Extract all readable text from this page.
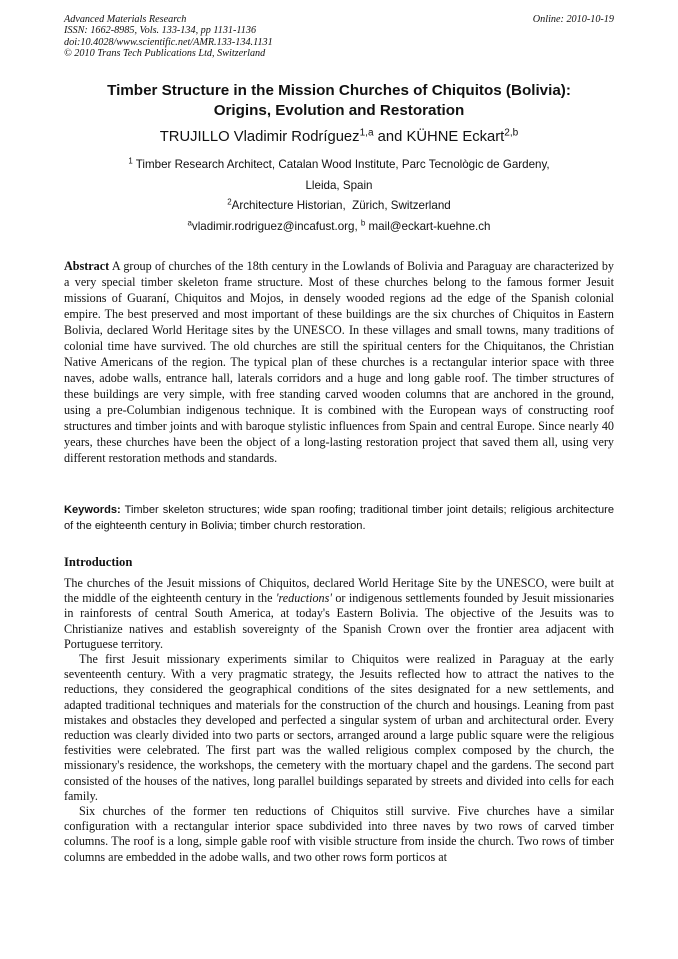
Advanced Materials Research
ISSN: 1662-8985, Vols. 133-134, pp 1131-1136
doi:10.4028/www.scientific.net/AMR.133-134.1131
© 2010 Trans Tech Publications Ltd, Switzerland
Online: 2010-10-19
Timber Structure in the Mission Churches of Chiquitos (Bolivia):
Origins, Evolution and Restoration
TRUJILLO Vladimir Rodríguez$^{1,a}$ and KÜHNE Eckart$^{2,b}$
$^1$ Timber Research Architect, Catalan Wood Institute, Parc Tecnològic de Gardeny,
Lleida, Spain
$^2$Architecture Historian,  Zürich, Switzerland
$^a$vladimir.rodriguez@incafust.org, $^b$ mail@eckart-kuehne.ch
Abstract A group of churches of the 18th century in the Lowlands of Bolivia and Paraguay are characterized by a very special timber skeleton frame structure. Most of these churches belong to the famous former Jesuit missions of Guaraní, Chiquitos and Mojos, in densely wooded regions ad the edge of the Spanish colonial empire. The best preserved and most important of these buildings are the six churches of Chiquitos in Eastern Bolivia, declared World Heritage sites by the UNESCO. In these villages and small towns, many traditions of colonial time have survived. The old churches are still the spiritual centers for the Chiquitanos, the Christian Native Americans of the region. The typical plan of these churches is a rectangular interior space with three naves, adobe walls, entrance hall, laterals corridors and a huge and long gable roof. The timber structures of these buildings are very simple, with free standing carved wooden columns that are anchored in the ground, using a pre-Columbian indigenous technique. It is combined with the European ways of constructing roof structures and timber joints and with baroque stylistic influences from Spain and central Europe. Since nearly 40 years, these churches have been the object of a long-lasting restoration project that saved them all, using very different restoration methods and standards.
Keywords: Timber skeleton structures; wide span roofing; traditional timber joint details; religious architecture of the eighteenth century in Bolivia; timber church restoration.
Introduction

The churches of the Jesuit missions of Chiquitos, declared World Heritage Site by the UNESCO, were built at the middle of the eighteenth century in the 'reductions' or indigenous settlements founded by Jesuit missionaries in rainforests of central South America, at today's Eastern Bolivia. The objective of the Jesuits was to Christianize natives and establish sovereignty of the Spanish Crown over the frontier area adjacent with Portuguese territory.

The first Jesuit missionary experiments similar to Chiquitos were realized in Paraguay at the early seventeenth century. With a very pragmatic strategy, the Jesuits reflected how to attract the natives to the reductions, they considered the geographical conditions of the sites designated for a new settlements, and adapted traditional techniques and materials for the construction of the church and housings. Leaning from past mistakes and obstacles they developed and perfected a singular system of urban and architectural order. Every reduction was clearly divided into two parts or sectors, arranged around a large public square were the religious festivities were celebrated. The first part was the walled religious complex composed by the church, the missionary's residence, the workshops, the cemetery with the mortuary chapel and the gardens. The second part consisted of the houses of the natives, long parallel buildings separated by streets and divided into cells for each family.

Six churches of the former ten reductions of Chiquitos still survive. Five churches have a similar configuration with a rectangular interior space subdivided into three naves by two rows of carved timber columns. The roof is a long, simple gable roof with visible structure from inside the church. Two rows of timber columns are embedded in the adobe walls, and two other rows form porticos at
